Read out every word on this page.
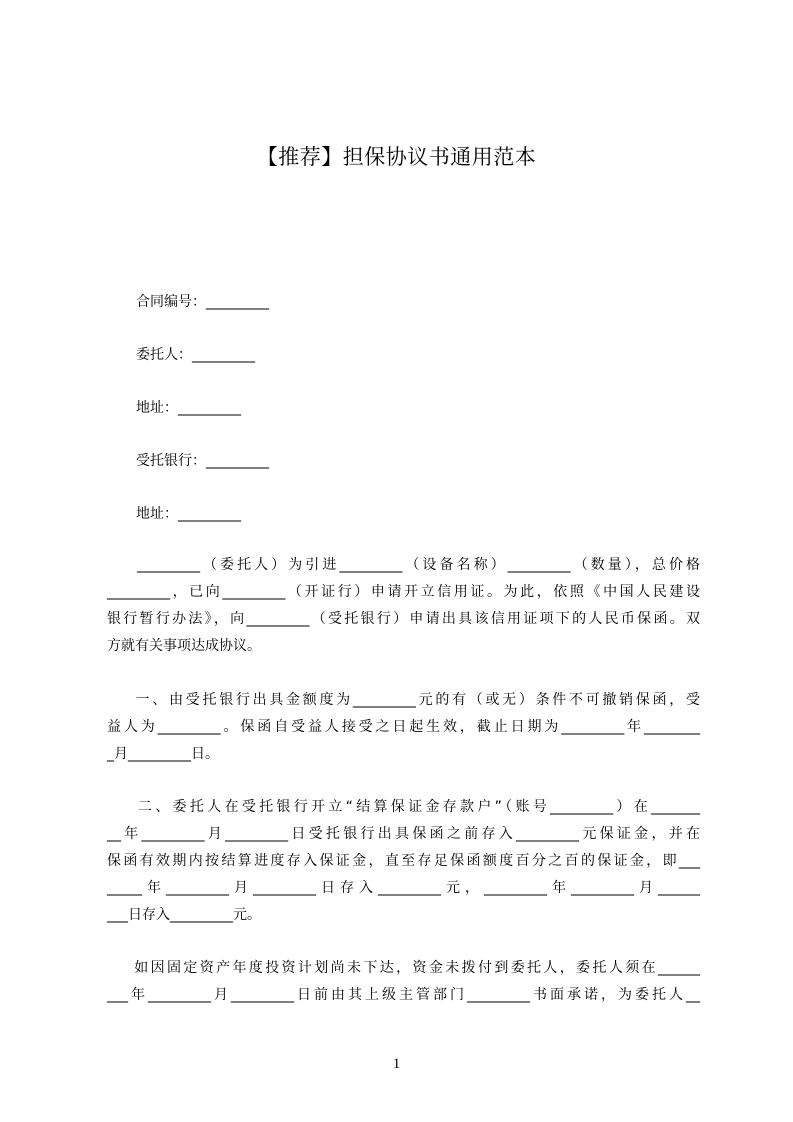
【推荐】担保协议书通用范本
合同编号：_________
委托人：_________
地址：_________
受托银行：_________
地址：_________
_________（委托人）为引进_________（设备名称）_________（数量），总价格
_________，已向_________（开证行）申请开立信用证。为此，依照《中国人民建设
银行暂行办法》，向_________（受托银行）申请出具该信用证项下的人民币保函。双
方就有关事项达成协议。
一、由受托银行出具金额度为_________元的有（或无）条件不可撤销保函，受
益人为_________。保函自受益人接受之日起生效，截止日期为_________年________
_月_________日。
二、委托人在受托银行开立“结算保证金存款户”（账号_________）在_______
__年_________月_________日受托银行出具保函之前存入_________元保证金，并在
保函有效期内按结算进度存入保证金，直至存足保函额度百分之百的保证金，即___
_____年_________月_________日存入_________元，_________年_________月______
___日存入_________元。
如因固定资产年度投资计划尚未下达，资金未拨付到委托人，委托人须在______
___年_________月_________日前由其上级主管部门_________书面承诺，为委托人__
1
